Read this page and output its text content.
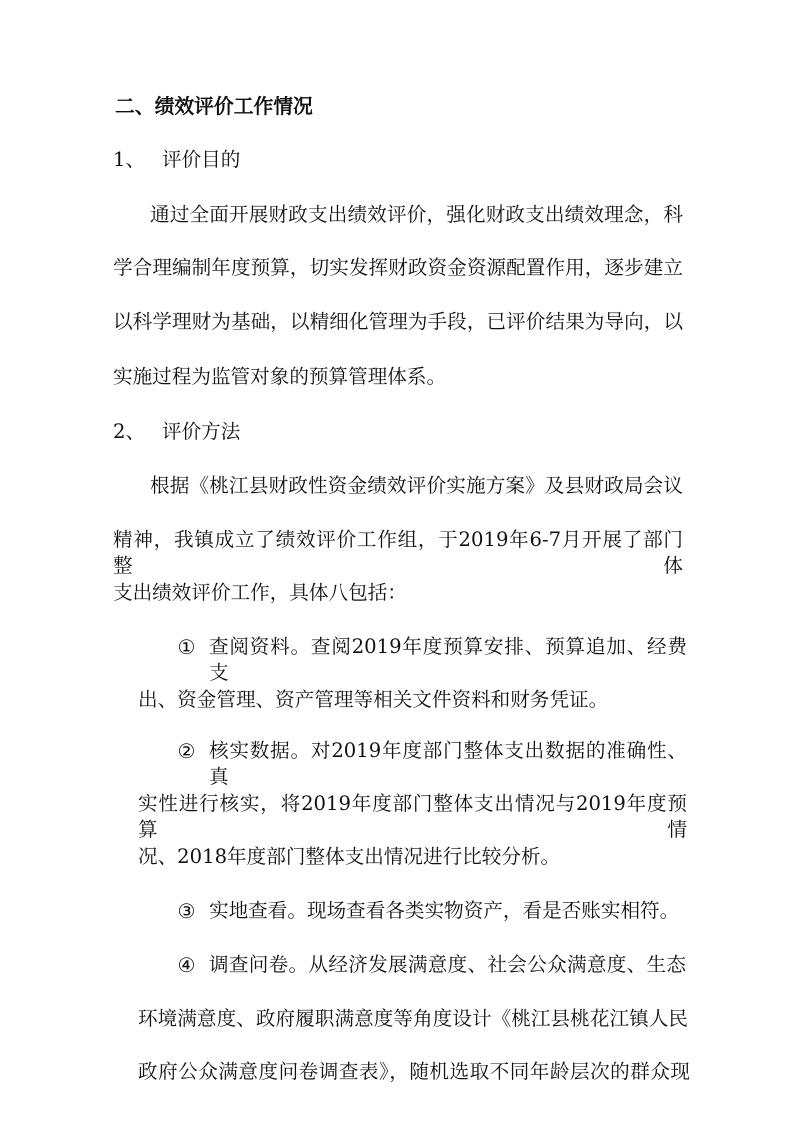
二、绩效评价工作情况
1、 评价目的
通过全面开展财政支出绩效评价，强化财政支出绩效理念，科
学合理编制年度预算，切实发挥财政资金资源配置作用，逐步建立
以科学理财为基础，以精细化管理为手段，已评价结果为导向，以
实施过程为监管对象的预算管理体系。
2、 评价方法
根据《桃江县财政性资金绩效评价实施方案》及县财政局会议
精神，我镇成立了绩效评价工作组，于2019年6-7月开展了部门整体
支出绩效评价工作，具体八包括：
① 查阅资料。查阅2019年度预算安排、预算追加、经费支
出、资金管理、资产管理等相关文件资料和财务凭证。
② 核实数据。对2019年度部门整体支出数据的准确性、真
实性进行核实，将2019年度部门整体支出情况与2019年度预算情
况、2018年度部门整体支出情况进行比较分析。
③ 实地查看。现场查看各类实物资产，看是否账实相符。
④ 调查问卷。从经济发展满意度、社会公众满意度、生态
环境满意度、政府履职满意度等角度设计《桃江县桃花江镇人民
政府公众满意度问卷调查表》，随机选取不同年龄层次的群众现
